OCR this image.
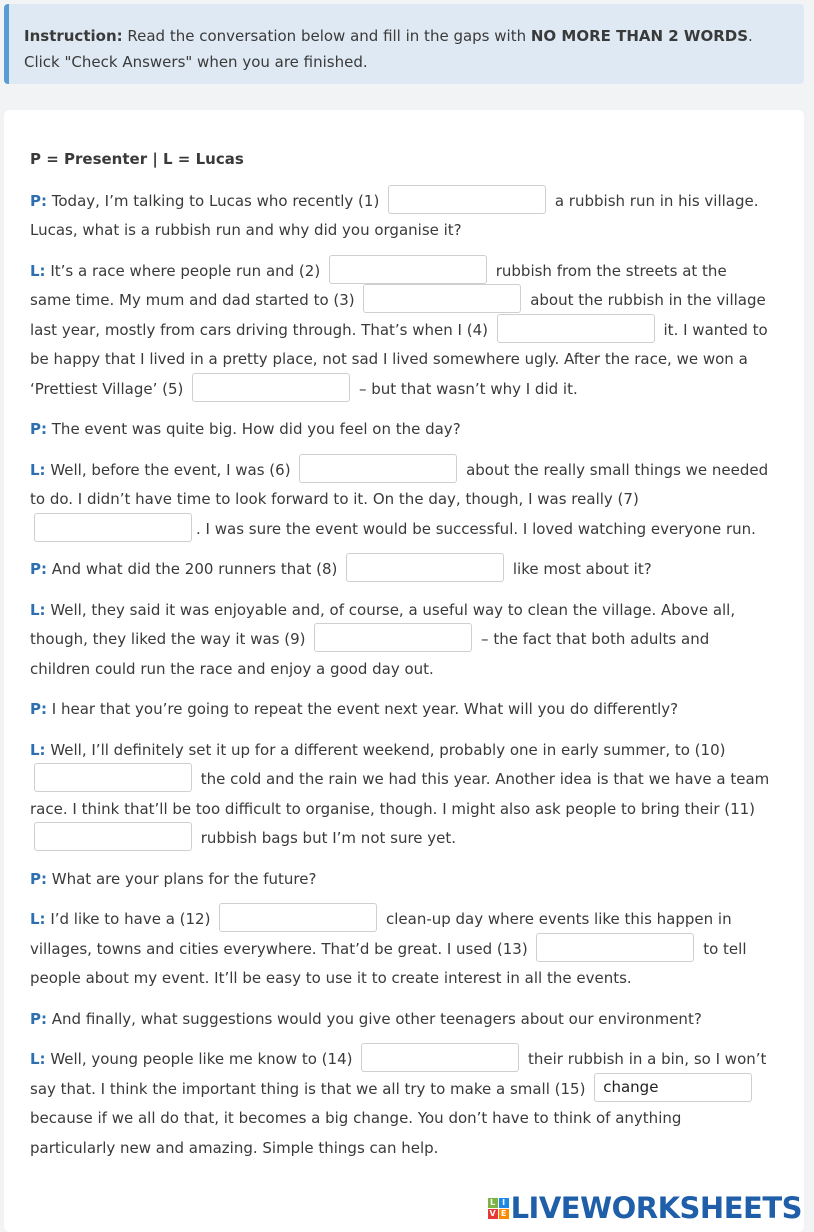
Instruction: Read the conversation below and fill in the gaps with NO MORE THAN 2 WORDS. Click "Check Answers" when you are finished.
P = Presenter | L = Lucas
P: Today, I’m talking to Lucas who recently (1)	a rubbish run in his village. Lucas, what is a rubbish run and why did you organise it?
L: It’s a race where people run and (2)	rubbish from the streets at the same time. My mum and dad started to (3)	about the rubbish in the village last year, mostly from cars driving through. That’s when I (4)	it. I wanted to be happy that I lived in a pretty place, not sad I lived somewhere ugly. After the race, we won a ‘Prettiest Village’ (5)	– but that wasn’t why I did it.
P: The event was quite big. How did you feel on the day?
L: Well, before the event, I was (6)	about the really small things we needed to do. I didn’t have time to look forward to it. On the day, though, I was really (7) . I was sure the event would be successful. I loved watching everyone run.
P: And what did the 200 runners that (8)	like most about it?
L: Well, they said it was enjoyable and, of course, a useful way to clean the village. Above all, though, they liked the way it was (9)	– the fact that both adults and children could run the race and enjoy a good day out.
P: I hear that you’re going to repeat the event next year. What will you do differently?
L: Well, I’ll definitely set it up for a different weekend, probably one in early summer, to (10)  the cold and the rain we had this year. Another idea is that we have a team race. I think that’ll be too difficult to organise, though. I might also ask people to bring their (11)  rubbish bags but I’m not sure yet.
P: What are your plans for the future?
L: I’d like to have a (12)	clean-up day where events like this happen in villages, towns and cities everywhere. That’d be great. I used (13)	to tell people about my event. It’ll be easy to use it to create interest in all the events.
P: And finally, what suggestions would you give other teenagers about our environment?
L: Well, young people like me know to (14)	their rubbish in a bin, so I won’t say that. I think the important thing is that we all try to make a small (15) change because if we all do that, it becomes a big change. You don’t have to think of anything particularly new and amazing. Simple things can help.
L I
V E LIVEWORKSHEETS
